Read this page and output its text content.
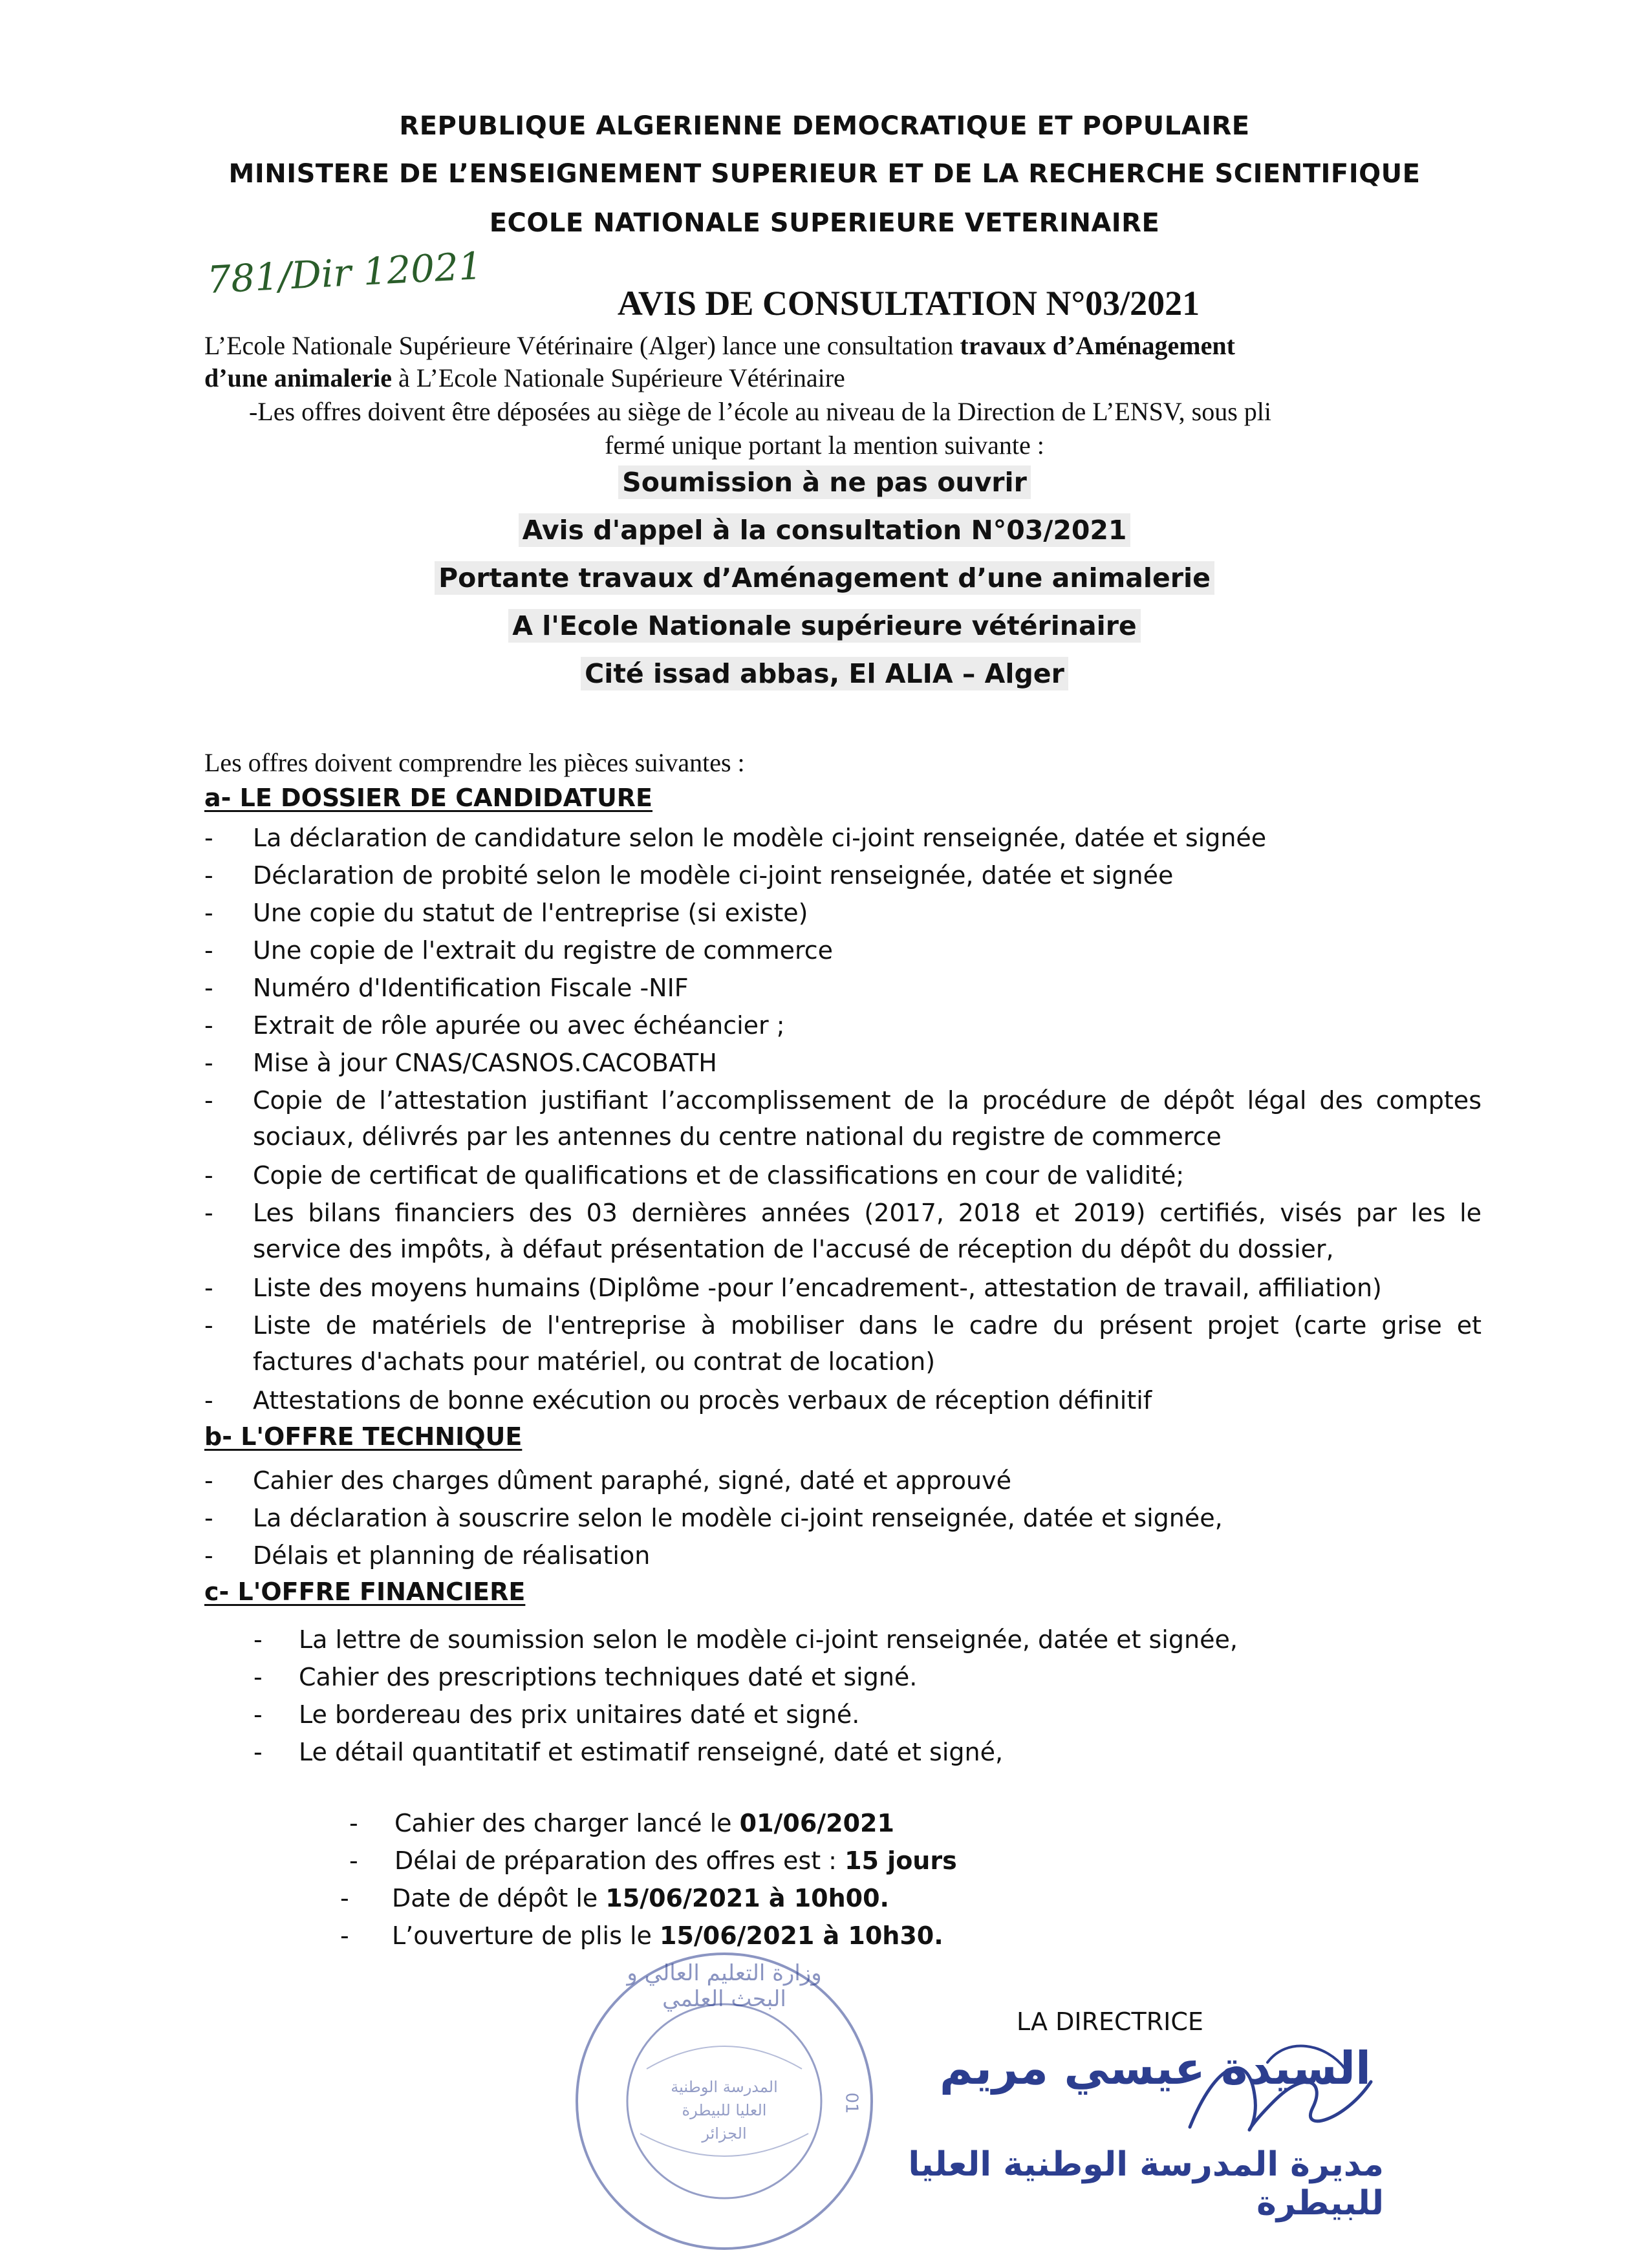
REPUBLIQUE ALGERIENNE DEMOCRATIQUE ET POPULAIRE
MINISTERE DE L’ENSEIGNEMENT SUPERIEUR ET DE LA RECHERCHE SCIENTIFIQUE
ECOLE NATIONALE SUPERIEURE VETERINAIRE
781/Dir 12021
AVIS DE CONSULTATION N°03/2021
L’Ecole Nationale Supérieure Vétérinaire (Alger) lance une consultation travaux d’Aménagement
d’une animalerie à L’Ecole Nationale Supérieure Vétérinaire
-Les offres doivent être déposées au siège de l’école au niveau de la Direction de L’ENSV, sous pli
fermé unique portant la mention suivante :
Soumission à ne pas ouvrir
Avis d'appel à la consultation N°03/2021
Portante travaux d’Aménagement d’une animalerie
A l'Ecole Nationale supérieure vétérinaire
Cité issad abbas, El ALIA – Alger
Les offres doivent comprendre les pièces suivantes :
a- LE DOSSIER DE CANDIDATURE
- La déclaration de candidature selon le modèle ci-joint renseignée, datée et signée
- Déclaration de probité selon le modèle ci-joint renseignée, datée et signée
- Une copie du statut de l'entreprise (si existe)
- Une copie de l'extrait du registre de commerce
- Numéro d'Identification Fiscale -NIF
- Extrait de rôle apurée ou avec échéancier ;
- Mise à jour CNAS/CASNOS.CACOBATH
- Copie de l’attestation justifiant l’accomplissement de la procédure de dépôt légal des comptes sociaux, délivrés par les antennes du centre national du registre de commerce
- Copie de certificat de qualifications et de classifications en cour de validité;
- Les bilans financiers des 03 dernières années (2017, 2018 et 2019) certifiés, visés par les le service des impôts, à défaut présentation de l'accusé de réception du dépôt du dossier,
- Liste des moyens humains (Diplôme -pour l’encadrement-, attestation de travail, affiliation)
- Liste de matériels de l'entreprise à mobiliser dans le cadre du présent projet (carte grise et factures d'achats pour matériel, ou contrat de location)
- Attestations de bonne exécution ou procès verbaux de réception définitif
b- L'OFFRE TECHNIQUE
- Cahier des charges dûment paraphé, signé, daté et approuvé
- La déclaration à souscrire selon le modèle ci-joint renseignée, datée et signée,
- Délais et planning de réalisation
c- L'OFFRE FINANCIERE
- La lettre de soumission selon le modèle ci-joint renseignée, datée et signée,
- Cahier des prescriptions techniques daté et signé.
- Le bordereau des prix unitaires daté et signé.
- Le détail quantitatif et estimatif renseigné, daté et signé,
- Cahier des charger lancé le 01/06/2021
- Délai de préparation des offres est : 15 jours
- Date de dépôt le 15/06/2021 à 10h00.
- L’ouverture de plis le 15/06/2021 à 10h30.
LA DIRECTRICE
وزارة التعليم العالي و البحث العلمي
المدرسة الوطنية العليا للبيطرة الجزائر
01
السيدة عيسي مريم
مديرة المدرسة الوطنية العليا للبيطرة
